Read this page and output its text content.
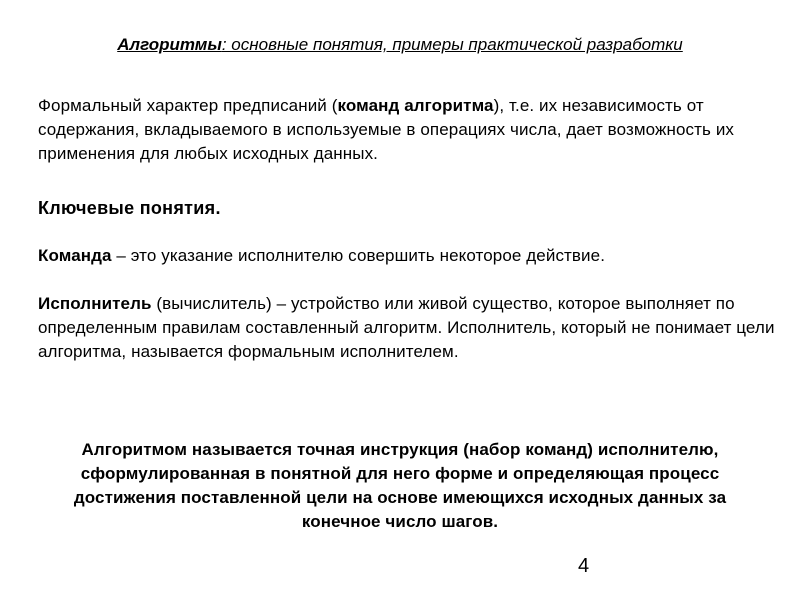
Алгоритмы: основные понятия, примеры практической разработки
Формальный характер предписаний (команд алгоритма), т.е. их независимость от содержания, вкладываемого в используемые в операциях числа, дает возможность их применения для любых исходных данных.
Ключевые понятия.
Команда – это указание исполнителю совершить некоторое действие.
Исполнитель (вычислитель) – устройство или живой существо, которое выполняет по определенным правилам составленный алгоритм. Исполнитель, который не понимает цели алгоритма, называется формальным исполнителем.
Алгоритмом называется точная инструкция (набор команд) исполнителю, сформулированная в понятной для него форме и определяющая процесс достижения поставленной цели на основе имеющихся исходных данных за конечное число шагов.
4
